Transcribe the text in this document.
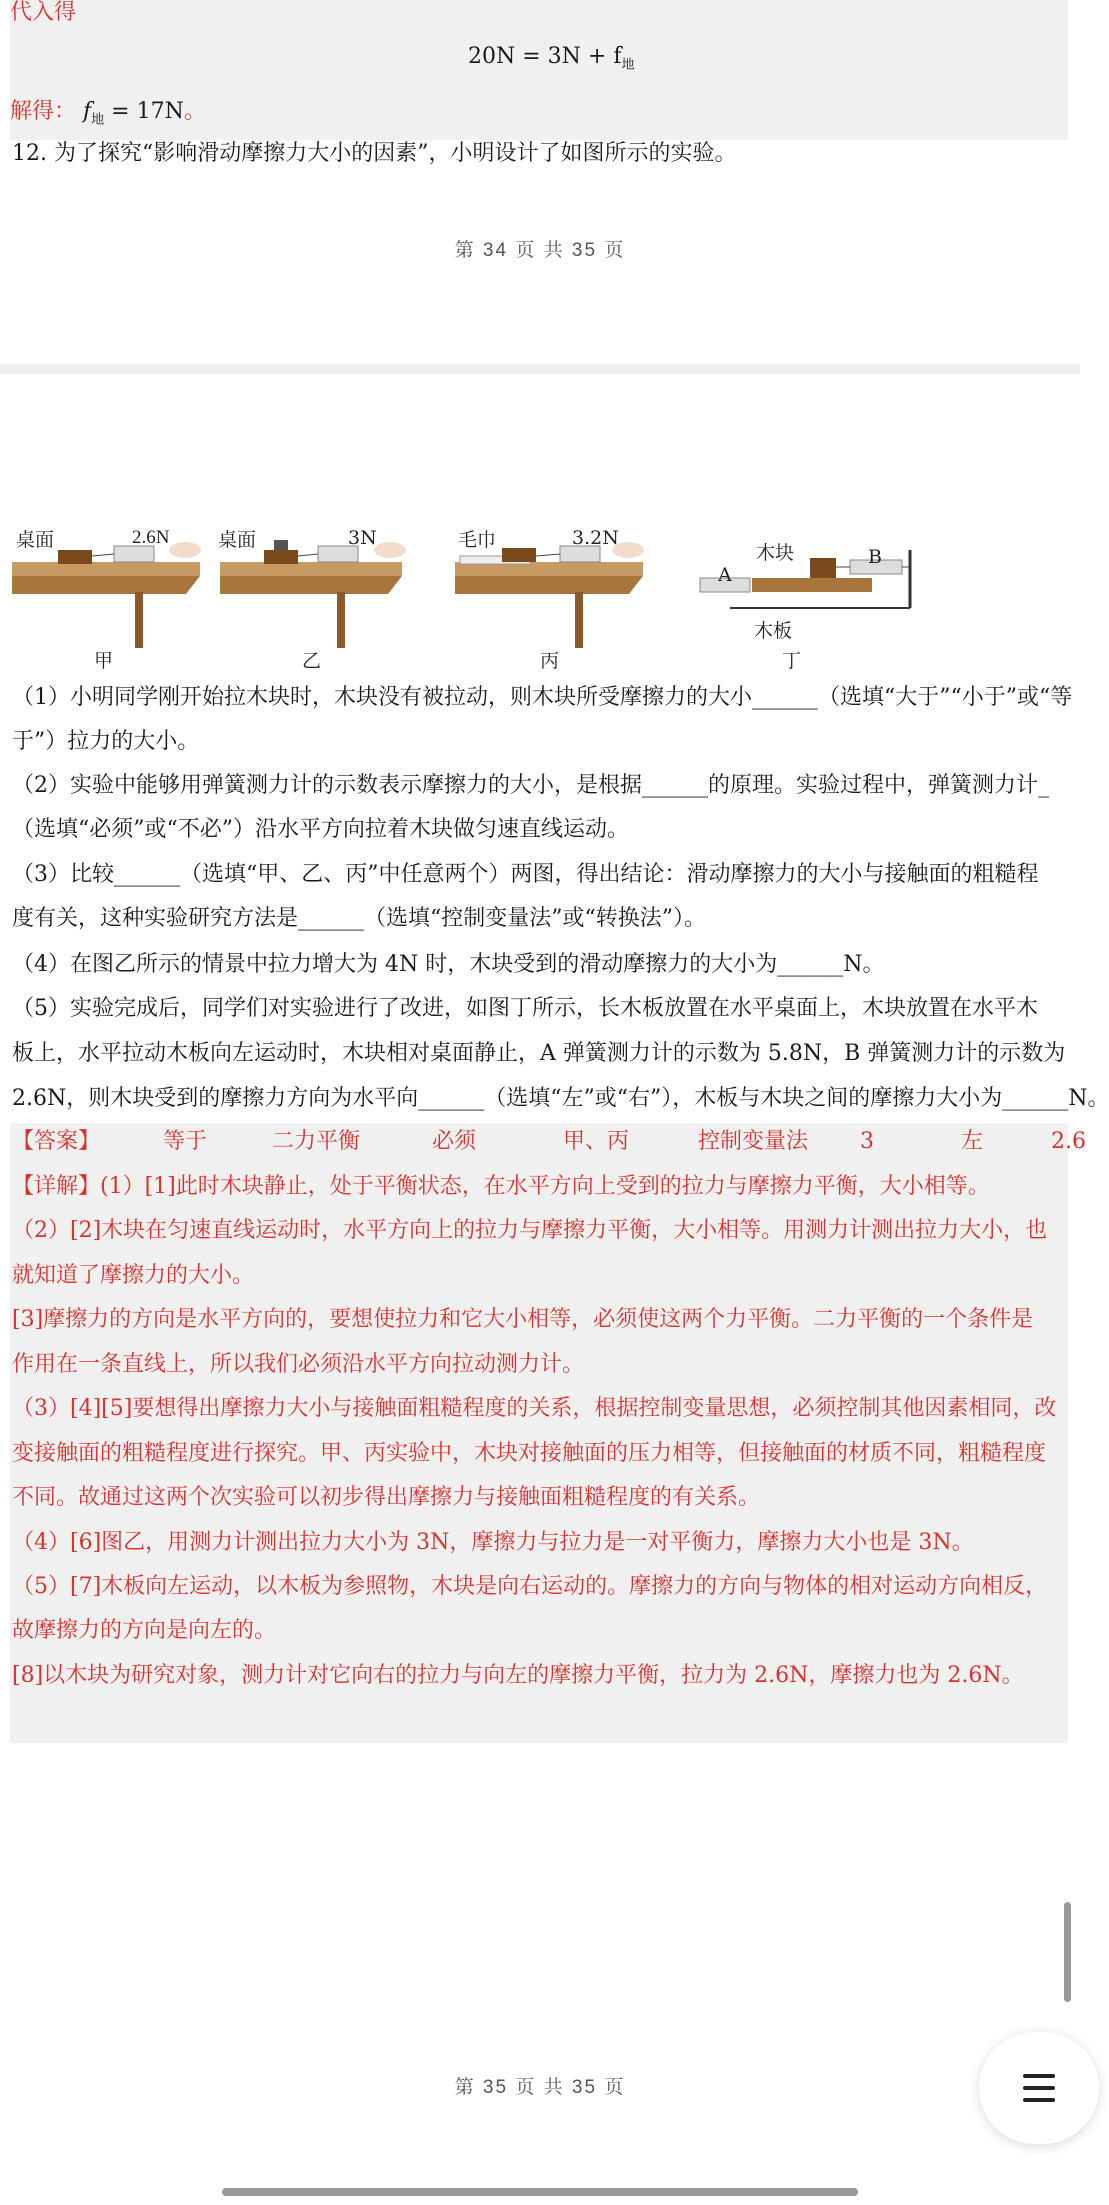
代入得
$20N = 3N + f_地$
解得： $f_地 = 17N$。
12. 为了探究“影响滑动摩擦力大小的因素”，小明设计了如图所示的实验。
第 34 页 共 35 页
桌面	2.6N
甲
桌面	3N
乙
毛巾	3.2N
丙
木块
A
B
木板
丁
（1）小明同学刚开始拉木块时，木块没有被拉动，则木块所受摩擦力的大小______（选填“大于”“小于”或“等
于”）拉力的大小。
（2）实验中能够用弹簧测力计的示数表示摩擦力的大小，是根据______的原理。实验过程中，弹簧测力计_
（选填“必须”或“不必”）沿水平方向拉着木块做匀速直线运动。
（3）比较______（选填“甲、乙、丙”中任意两个）两图，得出结论：滑动摩擦力的大小与接触面的粗糙程
度有关，这种实验研究方法是______（选填“控制变量法”或“转换法”）。
（4）在图乙所示的情景中拉力增大为 4N 时，木块受到的滑动摩擦力的大小为______N。
（5）实验完成后，同学们对实验进行了改进，如图丁所示，长木板放置在水平桌面上，木块放置在水平木
板上，水平拉动木板向左运动时，木块相对桌面静止，A 弹簧测力计的示数为 5.8N，B 弹簧测力计的示数为
2.6N，则木块受到的摩擦力方向为水平向______（选填“左”或“右”），木板与木块之间的摩擦力大小为______N。
【答案】	等于	二力平衡	必须	甲、丙	控制变量法 3	左	2.6
【详解】(1）[1]此时木块静止，处于平衡状态，在水平方向上受到的拉力与摩擦力平衡，大小相等。
（2）[2]木块在匀速直线运动时，水平方向上的拉力与摩擦力平衡，大小相等。用测力计测出拉力大小，也
就知道了摩擦力的大小。
[3]摩擦力的方向是水平方向的，要想使拉力和它大小相等，必须使这两个力平衡。二力平衡的一个条件是
作用在一条直线上，所以我们必须沿水平方向拉动测力计。
（3）[4][5]要想得出摩擦力大小与接触面粗糙程度的关系，根据控制变量思想，必须控制其他因素相同，改
变接触面的粗糙程度进行探究。甲、丙实验中，木块对接触面的压力相等，但接触面的材质不同，粗糙程度
不同。故通过这两个次实验可以初步得出摩擦力与接触面粗糙程度的有关系。
（4）[6]图乙，用测力计测出拉力大小为 3N，摩擦力与拉力是一对平衡力，摩擦力大小也是 3N。
（5）[7]木板向左运动，以木板为参照物，木块是向右运动的。摩擦力的方向与物体的相对运动方向相反，
故摩擦力的方向是向左的。
[8]以木块为研究对象，测力计对它向右的拉力与向左的摩擦力平衡，拉力为 2.6N，摩擦力也为 2.6N。
第 35 页 共 35 页
